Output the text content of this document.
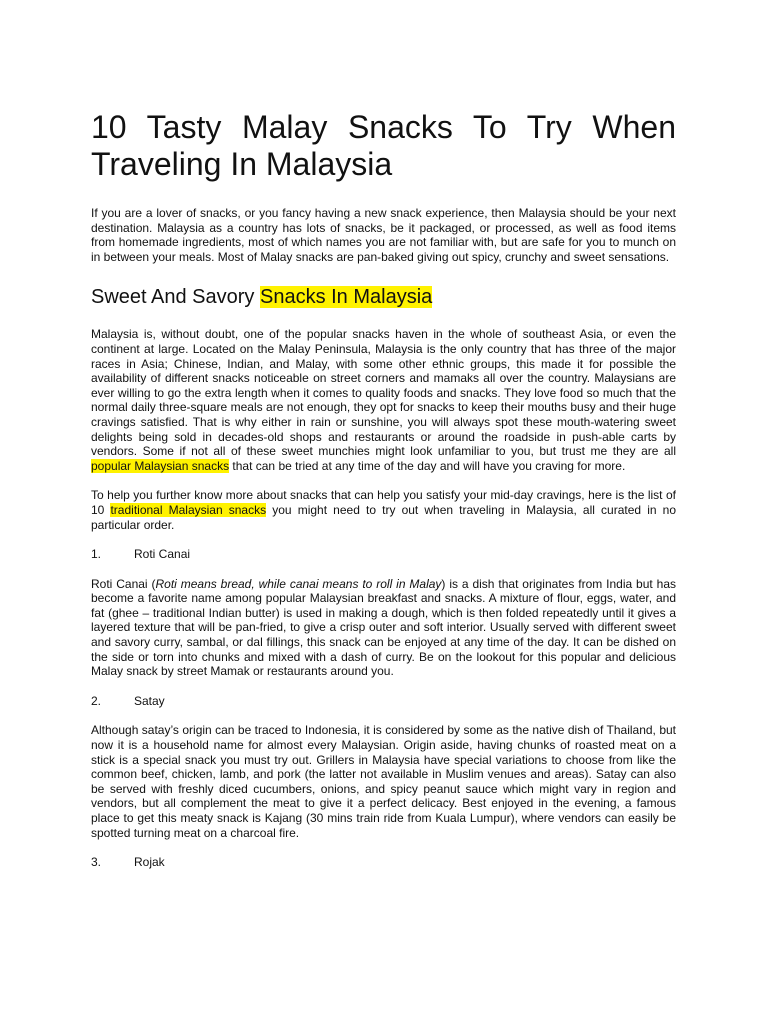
10 Tasty Malay Snacks To Try When
Traveling In Malaysia

If you are a lover of snacks, or you fancy having a new snack experience, then Malaysia should be your next destination. Malaysia as a country has lots of snacks, be it packaged, or processed, as well as food items from homemade ingredients, most of which names you are not familiar with, but are safe for you to munch on in between your meals. Most of Malay snacks are pan-baked giving out spicy, crunchy and sweet sensations.

Sweet And Savory Snacks In Malaysia

Malaysia is, without doubt, one of the popular snacks haven in the whole of southeast Asia, or even the continent at large. Located on the Malay Peninsula, Malaysia is the only country that has three of the major races in Asia; Chinese, Indian, and Malay, with some other ethnic groups, this made it for possible the availability of different snacks noticeable on street corners and mamaks all over the country. Malaysians are ever willing to go the extra length when it comes to quality foods and snacks. They love food so much that the normal daily three-square meals are not enough, they opt for snacks to keep their mouths busy and their huge cravings satisfied. That is why either in rain or sunshine, you will always spot these mouth-watering sweet delights being sold in decades-old shops and restaurants or around the roadside in push-able carts by vendors. Some if not all of these sweet munchies might look unfamiliar to you, but trust me they are all popular Malaysian snacks that can be tried at any time of the day and will have you craving for more.

To help you further know more about snacks that can help you satisfy your mid-day cravings, here is the list of 10 traditional Malaysian snacks you might need to try out when traveling in Malaysia, all curated in no particular order.

1.	Roti Canai

Roti Canai (Roti means bread, while canai means to roll in Malay) is a dish that originates from India but has become a favorite name among popular Malaysian breakfast and snacks. A mixture of flour, eggs, water, and fat (ghee – traditional Indian butter) is used in making a dough, which is then folded repeatedly until it gives a layered texture that will be pan-fried, to give a crisp outer and soft interior. Usually served with different sweet and savory curry, sambal, or dal fillings, this snack can be enjoyed at any time of the day. It can be dished on the side or torn into chunks and mixed with a dash of curry. Be on the lookout for this popular and delicious Malay snack by street Mamak or restaurants around you.

2.	Satay

Although satay’s origin can be traced to Indonesia, it is considered by some as the native dish of Thailand, but now it is a household name for almost every Malaysian. Origin aside, having chunks of roasted meat on a stick is a special snack you must try out. Grillers in Malaysia have special variations to choose from like the common beef, chicken, lamb, and pork (the latter not available in Muslim venues and areas). Satay can also be served with freshly diced cucumbers, onions, and spicy peanut sauce which might vary in region and vendors, but all complement the meat to give it a perfect delicacy. Best enjoyed in the evening, a famous place to get this meaty snack is Kajang (30 mins train ride from Kuala Lumpur), where vendors can easily be spotted turning meat on a charcoal fire.

3.	Rojak
